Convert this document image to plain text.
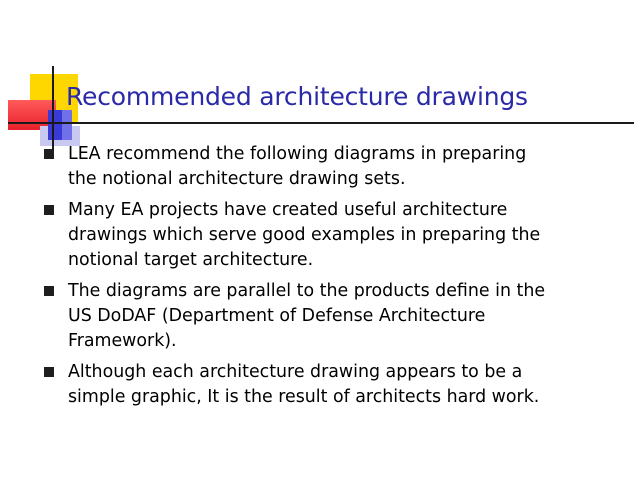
Recommended architecture drawings
LEA recommend the following diagrams in preparing
the notional architecture drawing sets.
Many EA projects have created useful architecture
drawings which serve good examples in preparing the
notional target architecture.
The diagrams are parallel to the products define in the
US DoDAF (Department of Defense Architecture
Framework).
Although each architecture drawing appears to be a
simple graphic, It is the result of architects hard work.
